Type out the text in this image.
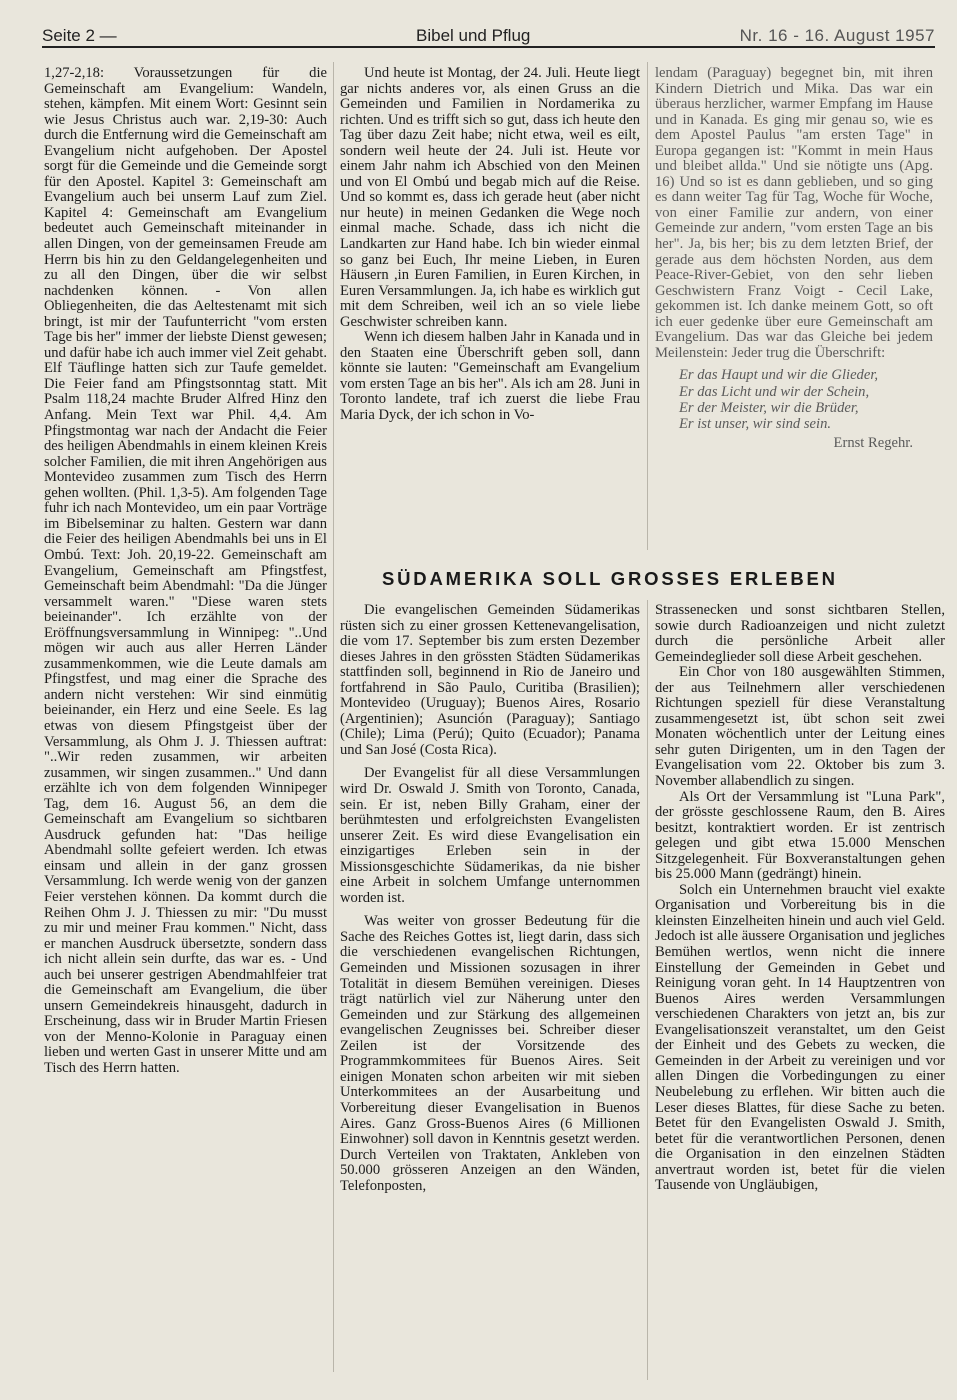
Seite 2 —	Bibel und Pflug	Nr. 16 - 16. August 1957

1,27-2,18: Voraussetzungen für die Gemeinschaft am Evangelium: Wandeln, stehen, kämpfen. Mit einem Wort: Gesinnt sein wie Jesus Christus auch war. 2,19-30: Auch durch die Entfernung wird die Gemeinschaft am Evangelium nicht aufgehoben. Der Apostel sorgt für die Gemeinde und die Gemeinde sorgt für den Apostel. Kapitel 3: Gemeinschaft am Evangelium auch bei unserm Lauf zum Ziel. Kapitel 4: Gemeinschaft am Evangelium bedeutet auch Gemeinschaft miteinander in allen Dingen, von der gemeinsamen Freude am Herrn bis hin zu den Geldangelegenheiten und zu all den Dingen, über die wir selbst nachdenken können. - Von allen Obliegenheiten, die das Aeltestenamt mit sich bringt, ist mir der Taufunterricht "vom ersten Tage bis her" immer der liebste Dienst gewesen; und dafür habe ich auch immer viel Zeit gehabt. Elf Täuflinge hatten sich zur Taufe gemeldet. Die Feier fand am Pfingstsonntag statt. Mit Psalm 118,24 machte Bruder Alfred Hinz den Anfang. Mein Text war Phil. 4,4. Am Pfingstmontag war nach der Andacht die Feier des heiligen Abendmahls in einem kleinen Kreis solcher Familien, die mit ihren Angehörigen aus Montevideo zusammen zum Tisch des Herrn gehen wollten. (Phil. 1,3-5). Am folgenden Tage fuhr ich nach Montevideo, um ein paar Vorträge im Bibelseminar zu halten. Gestern war dann die Feier des heiligen Abendmahls bei uns in El Ombú. Text: Joh. 20,19-22. Gemeinschaft am Evangelium, Gemeinschaft am Pfingstfest, Gemeinschaft beim Abendmahl: "Da die Jünger versammelt waren." "Diese waren stets beieinander". Ich erzählte von der Eröffnungsversammlung in Winnipeg: "..Und mögen wir auch aus aller Herren Länder zusammenkommen, wie die Leute damals am Pfingstfest, und mag einer die Sprache des andern nicht verstehen: Wir sind einmütig beieinander, ein Herz und eine Seele. Es lag etwas von diesem Pfingstgeist über der Versammlung, als Ohm J. J. Thiessen auftrat: "..Wir reden zusammen, wir arbeiten zusammen, wir singen zusammen.." Und dann erzählte ich von dem folgenden Winnipeger Tag, dem 16. August 56, an dem die Gemeinschaft am Evangelium so sichtbaren Ausdruck gefunden hat: "Das heilige Abendmahl sollte gefeiert werden. Ich etwas einsam und allein in der ganz grossen Versammlung. Ich werde wenig von der ganzen Feier verstehen können. Da kommt durch die Reihen Ohm J. J. Thiessen zu mir: "Du musst zu mir und meiner Frau kommen." Nicht, dass er manchen Ausdruck übersetzte, sondern dass ich nicht allein sein durfte, das war es. - Und auch bei unserer gestrigen Abendmahlfeier trat die Gemeinschaft am Evangelium, die über unsern Gemeindekreis hinausgeht, dadurch in Erscheinung, dass wir in Bruder Martin Friesen von der Menno-Kolonie in Paraguay einen lieben und werten Gast in unserer Mitte und am Tisch des Herrn hatten.

Und heute ist Montag, der 24. Juli. Heute liegt gar nichts anderes vor, als einen Gruss an die Gemeinden und Familien in Nordamerika zu richten. Und es trifft sich so gut, dass ich heute den Tag über dazu Zeit habe; nicht etwa, weil es eilt, sondern weil heute der 24. Juli ist. Heute vor einem Jahr nahm ich Abschied von den Meinen und von El Ombú und begab mich auf die Reise. Und so kommt es, dass ich gerade heut (aber nicht nur heute) in meinen Gedanken die Wege noch einmal mache. Schade, dass ich nicht die Landkarten zur Hand habe. Ich bin wieder einmal so ganz bei Euch, Ihr meine Lieben, in Euren Häusern ,in Euren Familien, in Euren Kirchen, in Euren Versammlungen. Ja, ich habe es wirklich gut mit dem Schreiben, weil ich an so viele liebe Geschwister schreiben kann.

Wenn ich diesem halben Jahr in Kanada und in den Staaten eine Überschrift geben soll, dann könnte sie lauten: "Gemeinschaft am Evangelium vom ersten Tage an bis her". Als ich am 28. Juni in Toronto landete, traf ich zuerst die liebe Frau Maria Dyck, der ich schon in Vo-

lendam (Paraguay) begegnet bin, mit ihren Kindern Dietrich und Mika. Das war ein überaus herzlicher, warmer Empfang im Hause und in Kanada. Es ging mir genau so, wie es dem Apostel Paulus "am ersten Tage" in Europa gegangen ist: "Kommt in mein Haus und bleibet allda." Und sie nötigte uns (Apg. 16) Und so ist es dann geblieben, und so ging es dann weiter Tag für Tag, Woche für Woche, von einer Familie zur andern, von einer Gemeinde zur andern, "vom ersten Tage an bis her". Ja, bis her; bis zu dem letzten Brief, der gerade aus dem höchsten Norden, aus dem Peace-River-Gebiet, von den sehr lieben Geschwistern Franz Voigt - Cecil Lake, gekommen ist. Ich danke meinem Gott, so oft ich euer gedenke über eure Gemeinschaft am Evangelium. Das war das Gleiche bei jedem Meilenstein: Jeder trug die Überschrift:

Er das Haupt und wir die Glieder,
Er das Licht und wir der Schein,
Er der Meister, wir die Brüder,
Er ist unser, wir sind sein.
Ernst Regehr.
SÜDAMERIKA SOLL GROSSES ERLEBEN

Die evangelischen Gemeinden Südamerikas rüsten sich zu einer grossen Kettenevangelisation, die vom 17. September bis zum ersten Dezember dieses Jahres in den grössten Städten Südamerikas stattfinden soll, beginnend in Rio de Janeiro und fortfahrend in São Paulo, Curitiba (Brasilien); Montevideo (Uruguay); Buenos Aires, Rosario (Argentinien); Asunción (Paraguay); Santiago (Chile); Lima (Perú); Quito (Ecuador); Panama und San José (Costa Rica).

Der Evangelist für all diese Versammlungen wird Dr. Oswald J. Smith von Toronto, Canada, sein. Er ist, neben Billy Graham, einer der berühmtesten und erfolgreichsten Evangelisten unserer Zeit. Es wird diese Evangelisation ein einzigartiges Erleben sein in der Missionsgeschichte Südamerikas, da nie bisher eine Arbeit in solchem Umfange unternommen worden ist.

Was weiter von grosser Bedeutung für die Sache des Reiches Gottes ist, liegt darin, dass sich die verschiedenen evangelischen Richtungen, Gemeinden und Missionen sozusagen in ihrer Totalität in diesem Bemühen vereinigen. Dieses trägt natürlich viel zur Näherung unter den Gemeinden und zur Stärkung des allgemeinen evangelischen Zeugnisses bei. Schreiber dieser Zeilen ist der Vorsitzende des Programmkommitees für Buenos Aires. Seit einigen Monaten schon arbeiten wir mit sieben Unterkommitees an der Ausarbeitung und Vorbereitung dieser Evangelisation in Buenos Aires. Ganz Gross-Buenos Aires (6 Millionen Einwohner) soll davon in Kenntnis gesetzt werden. Durch Verteilen von Traktaten, Ankleben von 50.000 grösseren Anzeigen an den Wänden, Telefonposten,

Strassenecken und sonst sichtbaren Stellen, sowie durch Radioanzeigen und nicht zuletzt durch die persönliche Arbeit aller Gemeindeglieder soll diese Arbeit geschehen.

Ein Chor von 180 ausgewählten Stimmen, der aus Teilnehmern aller verschiedenen Richtungen speziell für diese Veranstaltung zusammengesetzt ist, übt schon seit zwei Monaten wöchentlich unter der Leitung eines sehr guten Dirigenten, um in den Tagen der Evangelisation vom 22. Oktober bis zum 3. November allabendlich zu singen.

Als Ort der Versammlung ist "Luna Park", der grösste geschlossene Raum, den B. Aires besitzt, kontraktiert worden. Er ist zentrisch gelegen und gibt etwa 15.000 Menschen Sitzgelegenheit. Für Boxveranstaltungen gehen bis 25.000 Mann (gedrängt) hinein.

Solch ein Unternehmen braucht viel exakte Organisation und Vorbereitung bis in die kleinsten Einzelheiten hinein und auch viel Geld. Jedoch ist alle äussere Organisation und jegliches Bemühen wertlos, wenn nicht die innere Einstellung der Gemeinden in Gebet und Reinigung voran geht. In 14 Hauptzentren von Buenos Aires werden Versammlungen verschiedenen Charakters von jetzt an, bis zur Evangelisationszeit veranstaltet, um den Geist der Einheit und des Gebets zu wecken, die Gemeinden in der Arbeit zu vereinigen und vor allen Dingen die Vorbedingungen zu einer Neubelebung zu erflehen. Wir bitten auch die Leser dieses Blattes, für diese Sache zu beten. Betet für den Evangelisten Oswald J. Smith, betet für die verantwortlichen Personen, denen die Organisation in den einzelnen Städten anvertraut worden ist, betet für die vielen Tausende von Ungläubigen,
